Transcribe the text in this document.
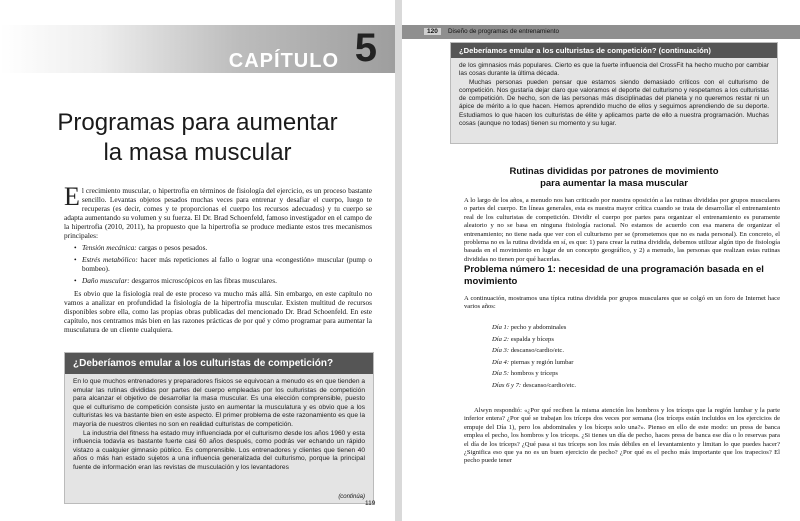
CAPÍTULO 5
Programas para aumentar
la masa muscular

El crecimiento muscular, o hipertrofia en términos de fisiología del ejercicio, es un proceso bastante sencillo. Levantas objetos pesados muchas veces para entrenar y desafiar el cuerpo, luego te recuperas (es decir, comes y te proporcionas el cuerpo los recursos adecuados) y tu cuerpo se adapta aumentando su volumen y su fuerza. El Dr. Brad Schoenfeld, famoso investigador en el campo de la hipertrofia (2010, 2011), ha propuesto que la hipertrofia se produce mediante estos tres mecanismos principales:

• Tensión mecánica: cargas o pesos pesados.
• Estrés metabólico: hacer más repeticiones al fallo o lograr una «congestión» muscular (pump o bombeo).
• Daño muscular: desgarros microscópicos en las fibras musculares.

Es obvio que la fisiología real de este proceso va mucho más allá. Sin embargo, en este capítulo no vamos a analizar en profundidad la fisiología de la hipertrofia muscular. Existen multitud de recursos disponibles sobre ella, como las propias obras publicadas del mencionado Dr. Brad Schoenfeld. En este capítulo, nos centramos más bien en las razones prácticas de por qué y cómo programar para aumentar la musculatura de un cliente cualquiera.

¿Deberíamos emular a los culturistas de competición?

En lo que muchos entrenadores y preparadores físicos se equivocan a menudo es en que tienden a emular las rutinas divididas por partes del cuerpo empleadas por los culturistas de competición para alcanzar el objetivo de desarrollar la masa muscular. Es una elección comprensible, puesto que el culturismo de competición consiste justo en aumentar la musculatura y es obvio que a los culturistas les va bastante bien en este aspecto. El primer problema de este razonamiento es que la mayoría de nuestros clientes no son en realidad culturistas de competición.

La industria del fitness ha estado muy influenciada por el culturismo desde los años 1960 y esta influencia todavía es bastante fuerte casi 60 años después, como podrás ver echando un rápido vistazo a cualquier gimnasio público. Es comprensible. Los entrenadores y clientes que tienen 40 años o más han estado sujetos a una influencia generalizada del culturismo, porque la principal fuente de información eran las revistas de musculación y los levantadores

(continúa)
119
120	Diseño de programas de entrenamiento
¿Deberíamos emular a los culturistas de competición? (continuación)

de los gimnasios más populares. Cierto es que la fuerte influencia del CrossFit ha hecho mucho por cambiar las cosas durante la última década.

Muchas personas pueden pensar que estamos siendo demasiado críticos con el culturismo de competición. Nos gustaría dejar claro que valoramos el deporte del culturismo y respetamos a los culturistas de competición. De hecho, son de las personas más disciplinadas del planeta y no queremos restar ni un ápice de mérito a lo que hacen. Hemos aprendido mucho de ellos y seguimos aprendiendo de su deporte. Estudiamos lo que hacen los culturistas de élite y aplicamos parte de ello a nuestra programación. Muchas cosas (aunque no todas) tienen su momento y su lugar.

Rutinas divididas por patrones de movimiento
para aumentar la masa muscular

A lo largo de los años, a menudo nos han criticado por nuestra oposición a las rutinas divididas por grupos musculares o partes del cuerpo. En líneas generales, esta es nuestra mayor crítica cuando se trata de desarrollar el entrenamiento real de los culturistas de competición. Dividir el cuerpo por partes para organizar el entrenamiento es puramente aleatorio y no se basa en ninguna fisiología racional. No estamos de acuerdo con esa manera de organizar el entrenamiento; no tiene nada que ver con el culturismo per se (prometemos que no es nada personal). En concreto, el problema no es la rutina dividida en sí, es que: 1) para crear la rutina dividida, debemos utilizar algún tipo de fisiología basada en el movimiento en lugar de un concepto geográfico, y 2) a menudo, las personas que realizan estas rutinas divididas no tienen por qué hacerlas.

Problema número 1: necesidad de una programación basada en el movimiento

A continuación, mostramos una típica rutina dividida por grupos musculares que se colgó en un foro de Internet hace varios años:

Día 1: pecho y abdominales
Día 2: espalda y bíceps
Día 3: descanso/cardio/etc.
Día 4: piernas y región lumbar
Día 5: hombros y tríceps
Días 6 y 7: descanso/cardio/etc.

Alwyn respondió: «¿Por qué reciben la misma atención los hombros y los tríceps que la región lumbar y la parte inferior entera? ¿Por qué se trabajan los tríceps dos veces por semana (los tríceps están incluidos en los ejercicios de empuje del Día 1), pero los abdominales y los bíceps solo una?». Pienso en ello de este modo: un press de banca emplea el pecho, los hombros y los tríceps. ¿Si tienes un día de pecho, haces press de banca ese día o lo reservas para el día de los tríceps? ¿Qué pasa si tus tríceps son los más débiles en el levantamiento y limitan lo que puedes hacer? ¿Significa eso que ya no es un buen ejercicio de pecho? ¿Por qué es el pecho más importante que los trapecios? El pecho puede tener
